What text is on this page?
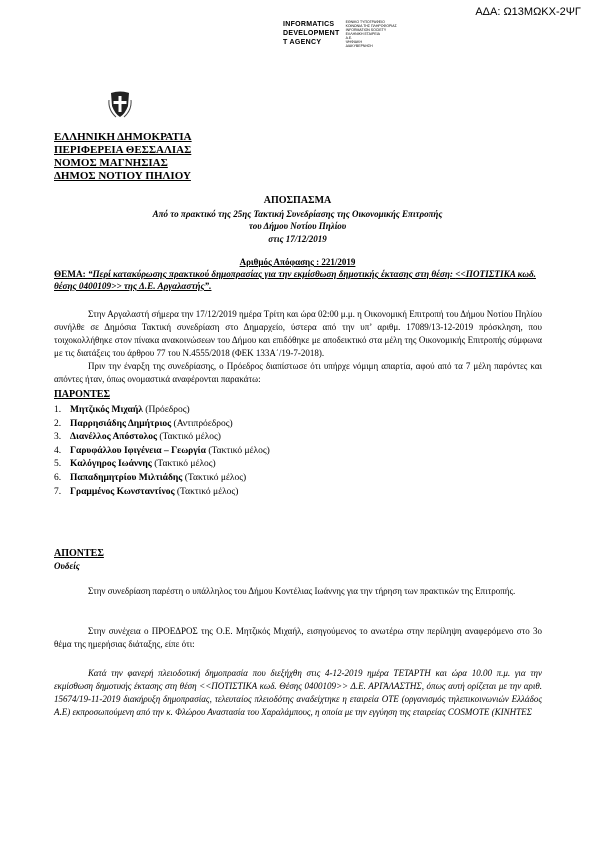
ΑΔΑ: Ω13ΜΩΚΧ-2ΨΓ
INFORMATICS
DEVELOPMENT
T AGENCY
ΕΘΝΙΚΟ ΤΥΠΟΓΡΑΦΕΙΟ
ΚΟΙΝΩΝΙΑ ΤΗΣ ΠΛΗΡΟΦΟΡΙΑΣ
INFORMATION SOCIETY
ΕΛΛΗΝΙΚΗ ΕΤΑΙΡΕΙΑ
Α.Ε.
ΨΗΦΙΑΚΗ
ΔΙΑΚΥΒΕΡΝΗΣΗ
ΕΛΛΗΝΙΚΗ ΔΗΜΟΚΡΑΤΙΑ
ΠΕΡΙΦΕΡΕΙΑ ΘΕΣΣΑΛΙΑΣ
ΝΟΜΟΣ ΜΑΓΝΗΣΙΑΣ
ΔΗΜΟΣ ΝΟΤΙΟΥ ΠΗΛΙΟΥ
ΑΠΟΣΠΑΣΜΑ
Από το πρακτικό της 25ης Τακτική Συνεδρίασης της Οικονομικής Επιτροπής
του Δήμου Νοτίου Πηλίου
στις 17/12/2019
Αριθμός Απόφασης : 221/2019
ΘΕΜΑ: “Περί κατακύρωσης πρακτικού δημοπρασίας για την εκμίσθωση δημοτικής έκτασης στη θέση: <<ΠΟΤΙΣΤΙΚΑ κωδ. θέσης 0400109>> της Δ.Ε. Αργαλαστής”.
Στην Αργαλαστή σήμερα την 17/12/2019 ημέρα Τρίτη και ώρα 02:00 μ.μ. η Οικονομική Επιτροπή του Δήμου Νοτίου Πηλίου συνήλθε σε Δημόσια Τακτική συνεδρίαση στο Δημαρχείο, ύστερα από την υπ’ αριθμ. 17089/13-12-2019 πρόσκληση, που τοιχοκολλήθηκε στον πίνακα ανακοινώσεων του Δήμου και επιδόθηκε με αποδεικτικό στα μέλη της Οικονομικής Επιτροπής σύμφωνα με τις διατάξεις του άρθρου 77 του Ν.4555/2018 (ΦΕΚ 133Α΄/19-7-2018).
Πριν την έναρξη της συνεδρίασης, ο Πρόεδρος διαπίστωσε ότι υπήρχε νόμιμη απαρτία, αφού από τα 7 μέλη παρόντες και απόντες ήταν, όπως ονομαστικά αναφέρονται παρακάτω:
ΠΑΡΟΝΤΕΣ
1. Μητζικός Μιχαήλ (Πρόεδρος)
2. Παρρησιάδης Δημήτριος (Αντιπρόεδρος)
3. Διανέλλος Απόστολος (Τακτικό μέλος)
4. Γαρυφάλλου Ιφιγένεια – Γεωργία (Τακτικό μέλος)
5. Καλόγηρος Ιωάννης (Τακτικό μέλος)
6. Παπαδημητρίου Μιλτιάδης (Τακτικό μέλος)
7. Γραμμένος Κωνσταντίνος (Τακτικό μέλος)
ΑΠΟΝΤΕΣ
Ουδείς
Στην συνεδρίαση παρέστη ο υπάλληλος του Δήμου Κοντέλιας Ιωάννης για την τήρηση των πρακτικών της Επιτροπής.
Στην συνέχεια ο ΠΡΟΕΔΡΟΣ της Ο.Ε. Μητζικός Μιχαήλ, εισηγούμενος το ανωτέρω στην περίληψη αναφερόμενο στο 3ο θέμα της ημερήσιας διάταξης, είπε ότι:
Κατά την φανερή πλειοδοτική δημοπρασία που διεξήχθη στις 4-12-2019 ημέρα ΤΕΤΑΡΤΗ και ώρα 10.00 π.μ. για την εκμίσθωση δημοτικής έκτασης στη θέση <<ΠΟΤΙΣΤΙΚΑ κωδ. Θέσης 0400109>> Δ.Ε. ΑΡΓΑΛΑΣΤΗΣ, όπως αυτή ορίζεται με την αριθ. 15674/19-11-2019 διακήρυξη δημοπρασίας, τελευταίος πλειοδότης αναδείχτηκε η εταιρεία ΟΤΕ (οργανισμός τηλεπικοινωνιών Ελλάδος Α.Ε) εκπροσωπούμενη από την κ. Φλώρου Αναστασία του Χαραλάμπους, η οποία με την εγγύηση της εταιρείας COSMOTE (ΚΙΝΗΤΕΣ
